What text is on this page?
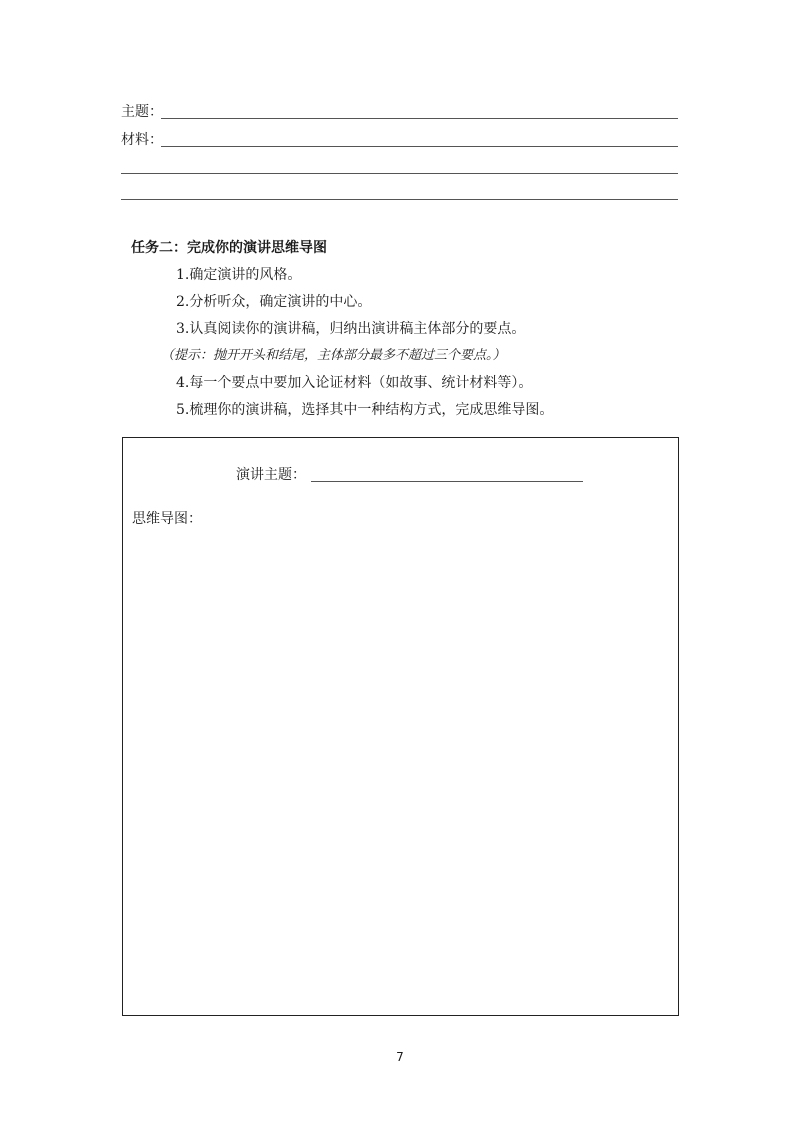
主题：
材料：
任务二：完成你的演讲思维导图
1.确定演讲的风格。
2.分析听众，确定演讲的中心。
3.认真阅读你的演讲稿，归纳出演讲稿主体部分的要点。
（提示：抛开开头和结尾，主体部分最多不超过三个要点。）
4.每一个要点中要加入论证材料（如故事、统计材料等）。
5.梳理你的演讲稿，选择其中一种结构方式，完成思维导图。
演讲主题：
思维导图：
7
